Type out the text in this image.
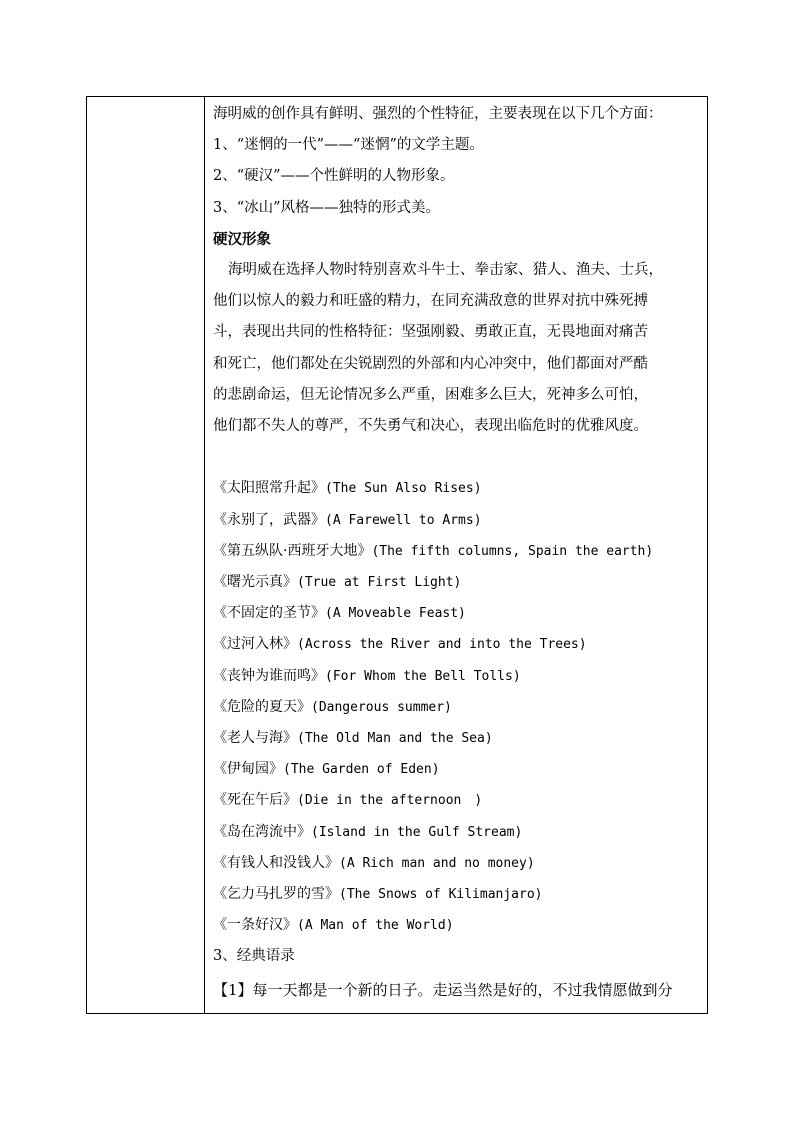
海明威的创作具有鲜明、强烈的个性特征，主要表现在以下几个方面：
1、“迷惘的一代”——“迷惘”的文学主题。
2、“硬汉”——个性鲜明的人物形象。
3、“冰山”风格——独特的形式美。
硬汉形象
海明威在选择人物时特别喜欢斗牛士、拳击家、猎人、渔夫、士兵，
他们以惊人的毅力和旺盛的精力，在同充满敌意的世界对抗中殊死搏
斗，表现出共同的性格特征：坚强刚毅、勇敢正直，无畏地面对痛苦
和死亡，他们都处在尖锐剧烈的外部和内心冲突中，他们都面对严酷
的悲剧命运，但无论情况多么严重，困难多么巨大，死神多么可怕，
他们都不失人的尊严，不失勇气和决心，表现出临危时的优雅风度。
《太阳照常升起》(The Sun Also Rises)
《永别了，武器》(A Farewell to Arms)
《第五纵队·西班牙大地》(The fifth columns, Spain the earth)
《曙光示真》(True at First Light)
《不固定的圣节》(A Moveable Feast)
《过河入林》(Across the River and into the Trees)
《丧钟为谁而鸣》(For Whom the Bell Tolls)
《危险的夏天》(Dangerous summer)
《老人与海》(The Old Man and the Sea)
《伊甸园》(The Garden of Eden)
《死在午后》(Die in the afternoon　)
《岛在湾流中》(Island in the Gulf Stream)
《有钱人和没钱人》(A Rich man and no money)
《乞力马扎罗的雪》(The Snows of Kilimanjaro)
《一条好汉》(A Man of the World)
3、经典语录
【1】每一天都是一个新的日子。走运当然是好的，不过我情愿做到分
